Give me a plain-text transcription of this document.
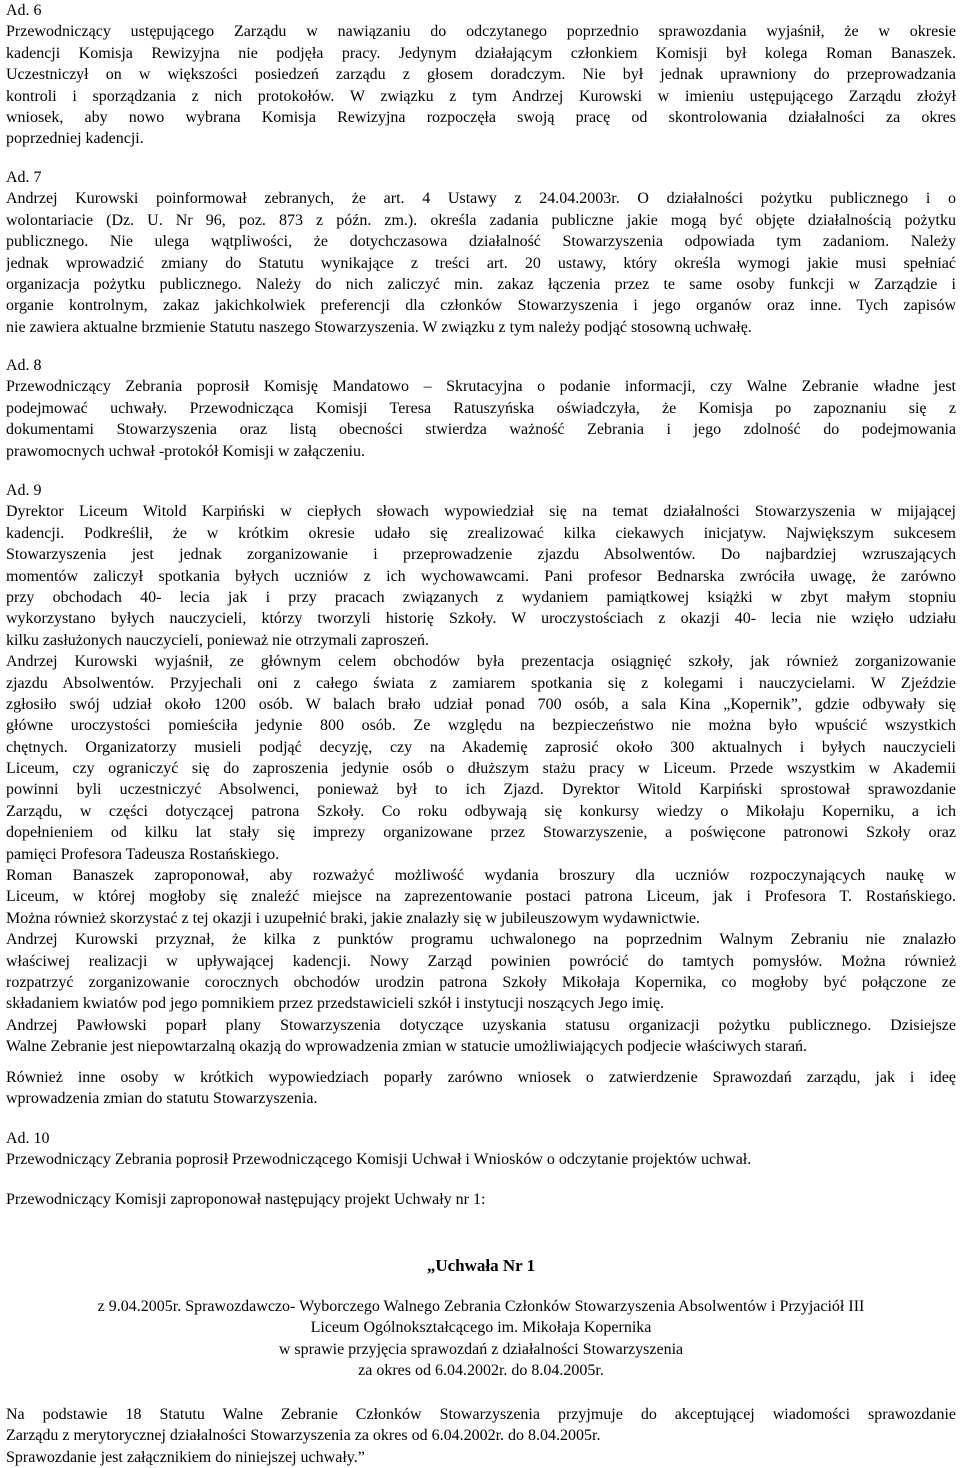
Ad. 6
Przewodniczący ustępującego Zarządu w nawiązaniu do odczytanego poprzednio sprawozdania wyjaśnił, że w okresie
kadencji Komisja Rewizyjna nie podjęła pracy. Jedynym działającym członkiem Komisji był kolega Roman Banaszek.
Uczestniczył on w większości posiedzeń zarządu z głosem doradczym. Nie był jednak uprawniony do przeprowadzania
kontroli i sporządzania z nich protokołów. W związku z tym Andrzej Kurowski w imieniu ustępującego Zarządu złożył
wniosek, aby nowo wybrana Komisja Rewizyjna rozpoczęła swoją pracę od skontrolowania działalności za okres
poprzedniej kadencji.
Ad. 7
Andrzej Kurowski poinformował zebranych, że art. 4 Ustawy z 24.04.2003r. O działalności pożytku publicznego i o
wolontariacie (Dz. U. Nr 96, poz. 873 z późn. zm.). określa zadania publiczne jakie mogą być objęte działalnością pożytku
publicznego. Nie ulega wątpliwości, że dotychczasowa działalność Stowarzyszenia odpowiada tym zadaniom. Należy
jednak wprowadzić zmiany do Statutu wynikające z treści art. 20 ustawy, który określa wymogi jakie musi spełniać
organizacja pożytku publicznego. Należy do nich zaliczyć min. zakaz łączenia przez te same osoby funkcji w Zarządzie i
organie kontrolnym, zakaz jakichkolwiek preferencji dla członków Stowarzyszenia i jego organów oraz inne. Tych zapisów
nie zawiera aktualne brzmienie Statutu naszego Stowarzyszenia. W związku z tym należy podjąć stosowną uchwałę.
Ad. 8
Przewodniczący Zebrania poprosił Komisję Mandatowo – Skrutacyjna o podanie informacji, czy Walne Zebranie władne jest
podejmować uchwały. Przewodnicząca Komisji Teresa Ratuszyńska oświadczyła, że Komisja po zapoznaniu się z
dokumentami Stowarzyszenia oraz listą obecności stwierdza ważność Zebrania i jego zdolność do podejmowania
prawomocnych uchwał -protokół Komisji w załączeniu.
Ad. 9
Dyrektor Liceum Witold Karpiński w ciepłych słowach wypowiedział się na temat działalności Stowarzyszenia w mijającej
kadencji. Podkreślił, że w krótkim okresie udało się zrealizować kilka ciekawych inicjatyw. Największym sukcesem
Stowarzyszenia jest jednak zorganizowanie i przeprowadzenie zjazdu Absolwentów. Do najbardziej wzruszających
momentów zaliczył spotkania byłych uczniów z ich wychowawcami. Pani profesor Bednarska zwróciła uwagę, że zarówno
przy obchodach 40- lecia jak i przy pracach związanych z wydaniem pamiątkowej książki w zbyt małym stopniu
wykorzystano byłych nauczycieli, którzy tworzyli historię Szkoły. W uroczystościach z okazji 40- lecia nie wzięło udziału
kilku zasłużonych nauczycieli, ponieważ nie otrzymali zaproszeń.
Andrzej Kurowski wyjaśnił, ze głównym celem obchodów była prezentacja osiągnięć szkoły, jak również zorganizowanie
zjazdu Absolwentów. Przyjechali oni z całego świata z zamiarem spotkania się z kolegami i nauczycielami. W Zjeździe
zgłosiło swój udział około 1200 osób. W balach brało udział ponad 700 osób, a sala Kina „Kopernik”, gdzie odbywały się
główne uroczystości pomieściła jedynie 800 osób. Ze względu na bezpieczeństwo nie można było wpuścić wszystkich
chętnych. Organizatorzy musieli podjąć decyzję, czy na Akademię zaprosić około 300 aktualnych i byłych nauczycieli
Liceum, czy ograniczyć się do zaproszenia jedynie osób o dłuższym stażu pracy w Liceum. Przede wszystkim w Akademii
powinni byli uczestniczyć Absolwenci, ponieważ był to ich Zjazd. Dyrektor Witold Karpiński sprostował sprawozdanie
Zarządu, w części dotyczącej patrona Szkoły. Co roku odbywają się konkursy wiedzy o Mikołaju Koperniku, a ich
dopełnieniem od kilku lat stały się imprezy organizowane przez Stowarzyszenie, a poświęcone patronowi Szkoły oraz
pamięci Profesora Tadeusza Rostańskiego.
Roman Banaszek zaproponował, aby rozważyć możliwość wydania broszury dla uczniów rozpoczynających naukę w
Liceum, w której mogłoby się znaleźć miejsce na zaprezentowanie postaci patrona Liceum, jak i Profesora T. Rostańskiego.
Można również skorzystać z tej okazji i uzupełnić braki, jakie znalazły się w jubileuszowym wydawnictwie.
Andrzej Kurowski przyznał, że kilka z punktów programu uchwalonego na poprzednim Walnym Zebraniu nie znalazło
właściwej realizacji w upływającej kadencji. Nowy Zarząd powinien powrócić do tamtych pomysłów. Można również
rozpatrzyć zorganizowanie corocznych obchodów urodzin patrona Szkoły Mikołaja Kopernika, co mogłoby być połączone ze
składaniem kwiatów pod jego pomnikiem przez przedstawicieli szkół i instytucji noszących Jego imię.
Andrzej Pawłowski poparł plany Stowarzyszenia dotyczące uzyskania statusu organizacji pożytku publicznego. Dzisiejsze
Walne Zebranie jest niepowtarzalną okazją do wprowadzenia zmian w statucie umożliwiających podjecie właściwych starań.
Również inne osoby w krótkich wypowiedziach poparły zarówno wniosek o zatwierdzenie Sprawozdań zarządu, jak i ideę
wprowadzenia zmian do statutu Stowarzyszenia.
Ad. 10
Przewodniczący Zebrania poprosił Przewodniczącego Komisji Uchwał i Wniosków o odczytanie projektów uchwał.
Przewodniczący Komisji zaproponował następujący projekt Uchwały nr 1:
„Uchwała Nr 1
z 9.04.2005r. Sprawozdawczo- Wyborczego Walnego Zebrania Członków Stowarzyszenia Absolwentów i Przyjaciół III
Liceum Ogólnokształcącego im. Mikołaja Kopernika
w sprawie przyjęcia sprawozdań z działalności Stowarzyszenia
za okres od 6.04.2002r. do 8.04.2005r.
Na podstawie 18 Statutu Walne Zebranie Członków Stowarzyszenia przyjmuje do akceptującej wiadomości sprawozdanie
Zarządu z merytorycznej działalności Stowarzyszenia za okres od 6.04.2002r. do 8.04.2005r.
Sprawozdanie jest załącznikiem do niniejszej uchwały.”
